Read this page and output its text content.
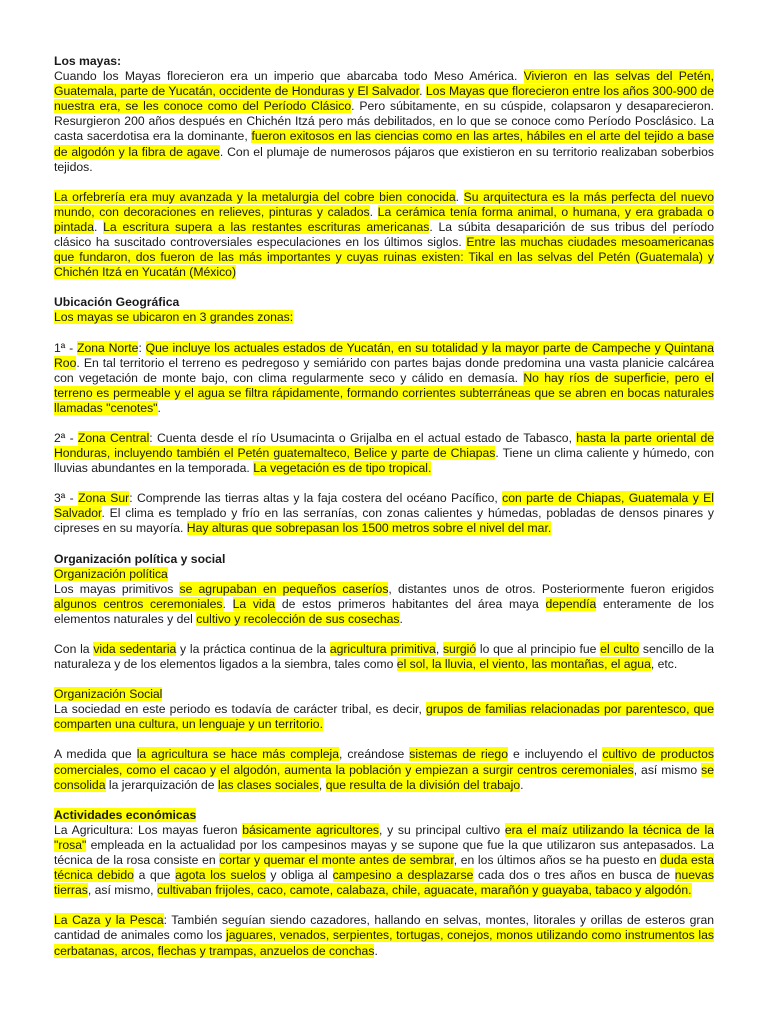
Los mayas:
Cuando los Mayas florecieron era un imperio que abarcaba todo Meso América. Vivieron en las selvas del Petén, Guatemala, parte de Yucatán, occidente de Honduras y El Salvador. Los Mayas que florecieron entre los años 300-900 de nuestra era, se les conoce como del Período Clásico. Pero súbitamente, en su cúspide, colapsaron y desaparecieron. Resurgieron 200 años después en Chichén Itzá pero más debilitados, en lo que se conoce como Período Posclásico. La casta sacerdotisa era la dominante, fueron exitosos en las ciencias como en las artes, hábiles en el arte del tejido a base de algodón y la fibra de agave. Con el plumaje de numerosos pájaros que existieron en su territorio realizaban soberbios tejidos.
La orfebrería era muy avanzada y la metalurgia del cobre bien conocida. Su arquitectura es la más perfecta del nuevo mundo, con decoraciones en relieves, pinturas y calados. La cerámica tenía forma animal, o humana, y era grabada o pintada. La escritura supera a las restantes escrituras americanas. La súbita desaparición de sus tribus del período clásico ha suscitado controversiales especulaciones en los últimos siglos. Entre las muchas ciudades mesoamericanas que fundaron, dos fueron de las más importantes y cuyas ruinas existen: Tikal en las selvas del Petén (Guatemala) y Chichén Itzá en Yucatán (México)
Ubicación Geográfica
Los mayas se ubicaron en 3 grandes zonas:
1ª - Zona Norte: Que incluye los actuales estados de Yucatán, en su totalidad y la mayor parte de Campeche y Quintana Roo. En tal territorio el terreno es pedregoso y semiárido con partes bajas donde predomina una vasta planicie calcárea con vegetación de monte bajo, con clima regularmente seco y cálido en demasía. No hay ríos de superficie, pero el terreno es permeable y el agua se filtra rápidamente, formando corrientes subterráneas que se abren en bocas naturales llamadas "cenotes".
2ª - Zona Central: Cuenta desde el río Usumacinta o Grijalba en el actual estado de Tabasco, hasta la parte oriental de Honduras, incluyendo también el Petén guatemalteco, Belice y parte de Chiapas. Tiene un clima caliente y húmedo, con lluvias abundantes en la temporada. La vegetación es de tipo tropical.
3ª - Zona Sur: Comprende las tierras altas y la faja costera del océano Pacífico, con parte de Chiapas, Guatemala y El Salvador. El clima es templado y frío en las serranías, con zonas calientes y húmedas, pobladas de densos pinares y cipreses en su mayoría. Hay alturas que sobrepasan los 1500 metros sobre el nivel del mar.
Organización política y social
Organización política
Los mayas primitivos se agrupaban en pequeños caseríos, distantes unos de otros. Posteriormente fueron erigidos algunos centros ceremoniales. La vida de estos primeros habitantes del área maya dependía enteramente de los elementos naturales y del cultivo y recolección de sus cosechas.
Con la vida sedentaria y la práctica continua de la agricultura primitiva, surgió lo que al principio fue el culto sencillo de la naturaleza y de los elementos ligados a la siembra, tales como el sol, la lluvia, el viento, las montañas, el agua, etc.
Organización Social
La sociedad en este periodo es todavía de carácter tribal, es decir, grupos de familias relacionadas por parentesco, que comparten una cultura, un lenguaje y un territorio.
A medida que la agricultura se hace más compleja, creándose sistemas de riego e incluyendo el cultivo de productos comerciales, como el cacao y el algodón, aumenta la población y empiezan a surgir centros ceremoniales, así mismo se consolida la jerarquización de las clases sociales, que resulta de la división del trabajo.
Actividades económicas
La Agricultura: Los mayas fueron básicamente agricultores, y su principal cultivo era el maíz utilizando la técnica de la "rosa" empleada en la actualidad por los campesinos mayas y se supone que fue la que utilizaron sus antepasados. La técnica de la rosa consiste en cortar y quemar el monte antes de sembrar, en los últimos años se ha puesto en duda esta técnica debido a que agota los suelos y obliga al campesino a desplazarse cada dos o tres años en busca de nuevas tierras, así mismo, cultivaban frijoles, caco, camote, calabaza, chile, aguacate, marañón y guayaba, tabaco y algodón.
La Caza y la Pesca: También seguían siendo cazadores, hallando en selvas, montes, litorales y orillas de esteros gran cantidad de animales como los jaguares, venados, serpientes, tortugas, conejos, monos utilizando como instrumentos las cerbatanas, arcos, flechas y trampas, anzuelos de conchas.
